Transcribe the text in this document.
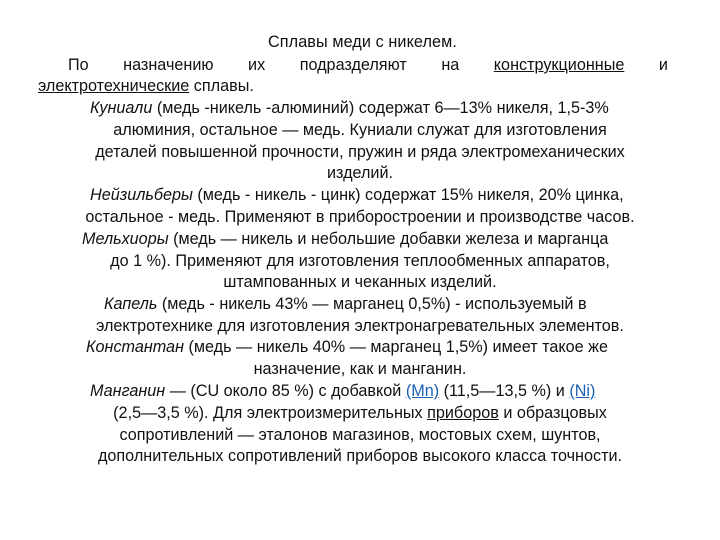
Сплавы меди с никелем.
По назначению их подразделяют на конструкционные и
электротехнические сплавы.
Куниали (медь -никель -алюминий) содержат 6—13% никеля, 1,5-3%
алюминия, остальное — медь. Куниали служат для изготовления
деталей повышенной прочности, пружин и ряда электромеханических
изделий.
Нейзильберы (медь - никель - цинк) содержат 15% никеля, 20% цинка,
остальное - медь. Применяют в приборостроении и производстве часов.
Мельхиоры (медь — никель и небольшие добавки железа и марганца
до 1 %). Применяют для изготовления теплообменных аппаратов,
штампованных и чеканных изделий.
Капель (медь - никель 43% — марганец 0,5%) - используемый в
электротехнике для изготовления электронагревательных элементов.
Константан (медь — никель 40% — марганец 1,5%) имеет такое же
назначение, как и манганин.
Манганин — (CU около 85 %) с добавкой (Mn) (11,5—13,5 %) и (Ni)
(2,5—3,5 %). Для электроизмерительных приборов и образцовых
сопротивлений — эталонов магазинов, мостовых схем, шунтов,
дополнительных сопротивлений приборов высокого класса точности.
